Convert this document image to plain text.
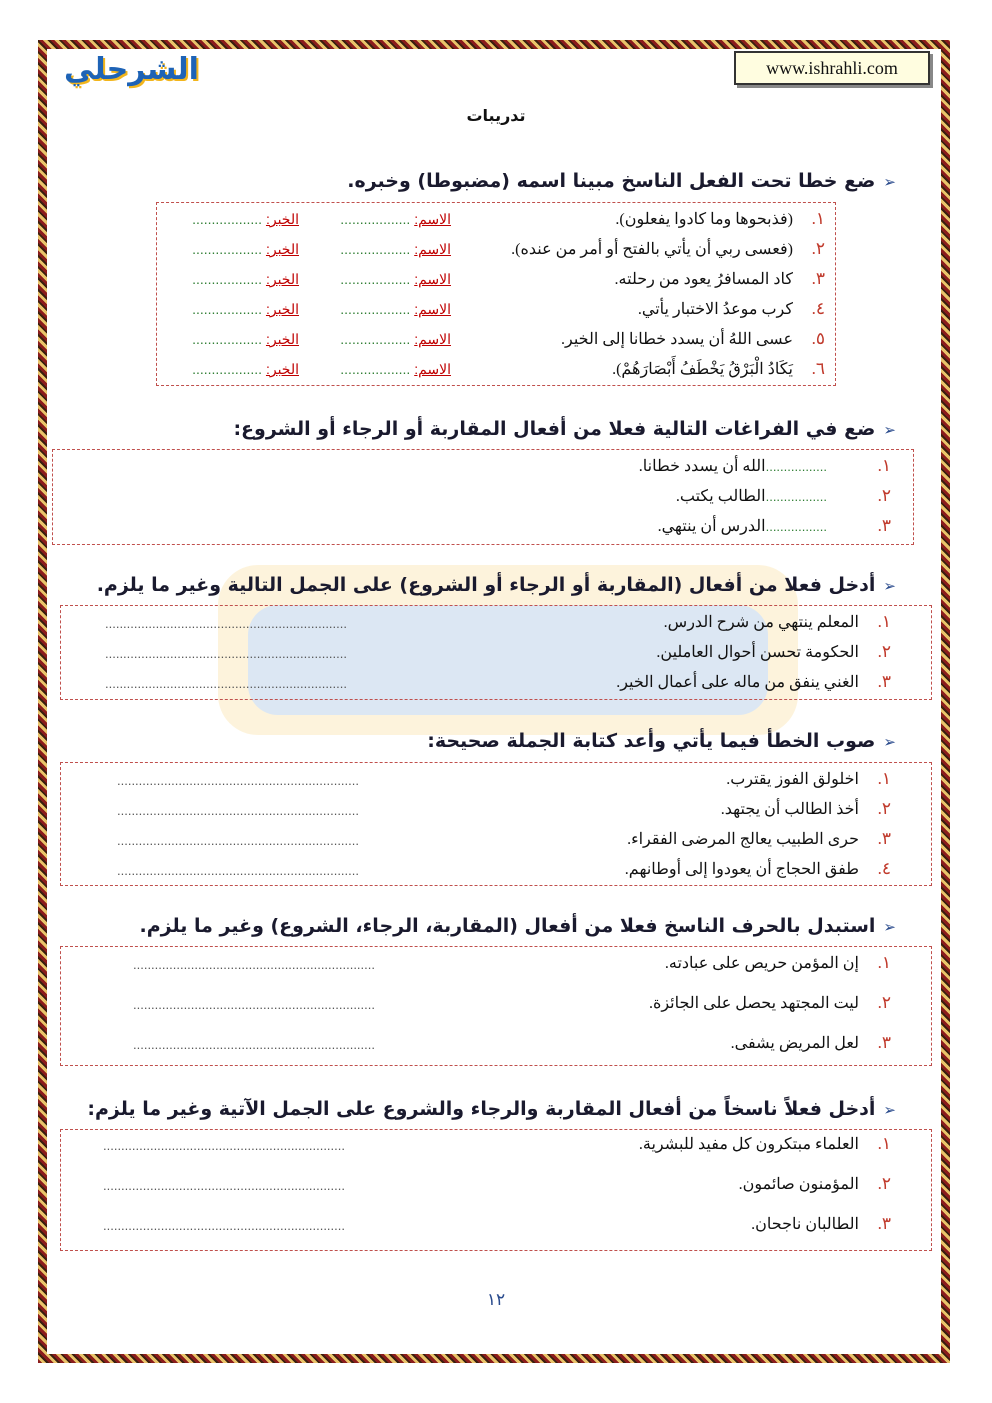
الشرحلي	www.ishrahli.com
تدريبات
➢ضع خطا تحت الفعل الناسخ مبينا اسمه (مضبوطا) وخبره.
١.
(فذبحوها وما كادوا يفعلون).
الاسم: ..................
الخبر: ..................
٢.
(فعسى ربي أن يأتي بالفتح أو أمر من عنده).
الاسم: ..................
الخبر: ..................
٣.
كاد المسافرُ يعود من رحلته.
الاسم: ..................
الخبر: ..................
٤.
كرب موعدُ الاختبار يأتي.
الاسم: ..................
الخبر: ..................
٥.
عسى اللهُ أن يسدد خطانا إلى الخير.
الاسم: ..................
الخبر: ..................
٦.
يَكَادُ الْبَرْقُ يَخْطَفُ أَبْصَارَهُمْ).
الاسم: ..................
الخبر: ..................
➢ضع في الفراغات التالية فعلا من أفعال المقاربة أو الرجاء أو الشروع:
١.
.................الله أن يسدد خطانا.
٢.
.................الطالب يكتب.
٣.
.................الدرس أن ينتهي.
➢أدخل فعلا من أفعال (المقاربة أو الرجاء أو الشروع) على الجمل التالية وغير ما يلزم.
١.
المعلم ينتهي من شرح الدرس.
...................................................................
٢.
الحكومة تحسن أحوال العاملين.
...................................................................
٣.
الغني ينفق من ماله على أعمال الخير.
...................................................................
➢صوب الخطأ فيما يأتي وأعد كتابة الجملة صحيحة:
١.
اخلولق الفوز يقترب.
...................................................................
٢.
أخذ الطالب أن يجتهد.
...................................................................
٣.
حرى الطبيب يعالج المرضى الفقراء.
...................................................................
٤.
طفق الحجاج أن يعودوا إلى أوطانهم.
...................................................................
➢استبدل بالحرف الناسخ فعلا من أفعال (المقاربة، الرجاء، الشروع) وغير ما يلزم.
١.
إن المؤمن حريص على عبادته.
...................................................................
٢.
ليت المجتهد يحصل على الجائزة.
...................................................................
٣.
لعل المريض يشفى.
...................................................................
➢أدخل فعلاً ناسخاً من أفعال المقاربة والرجاء والشروع على الجمل الآتية وغير ما يلزم:
١.
العلماء مبتكرون كل مفيد للبشرية.
...................................................................
٢.
المؤمنون صائمون.
...................................................................
٣.
الطالبان ناجحان.
...................................................................
١٢
